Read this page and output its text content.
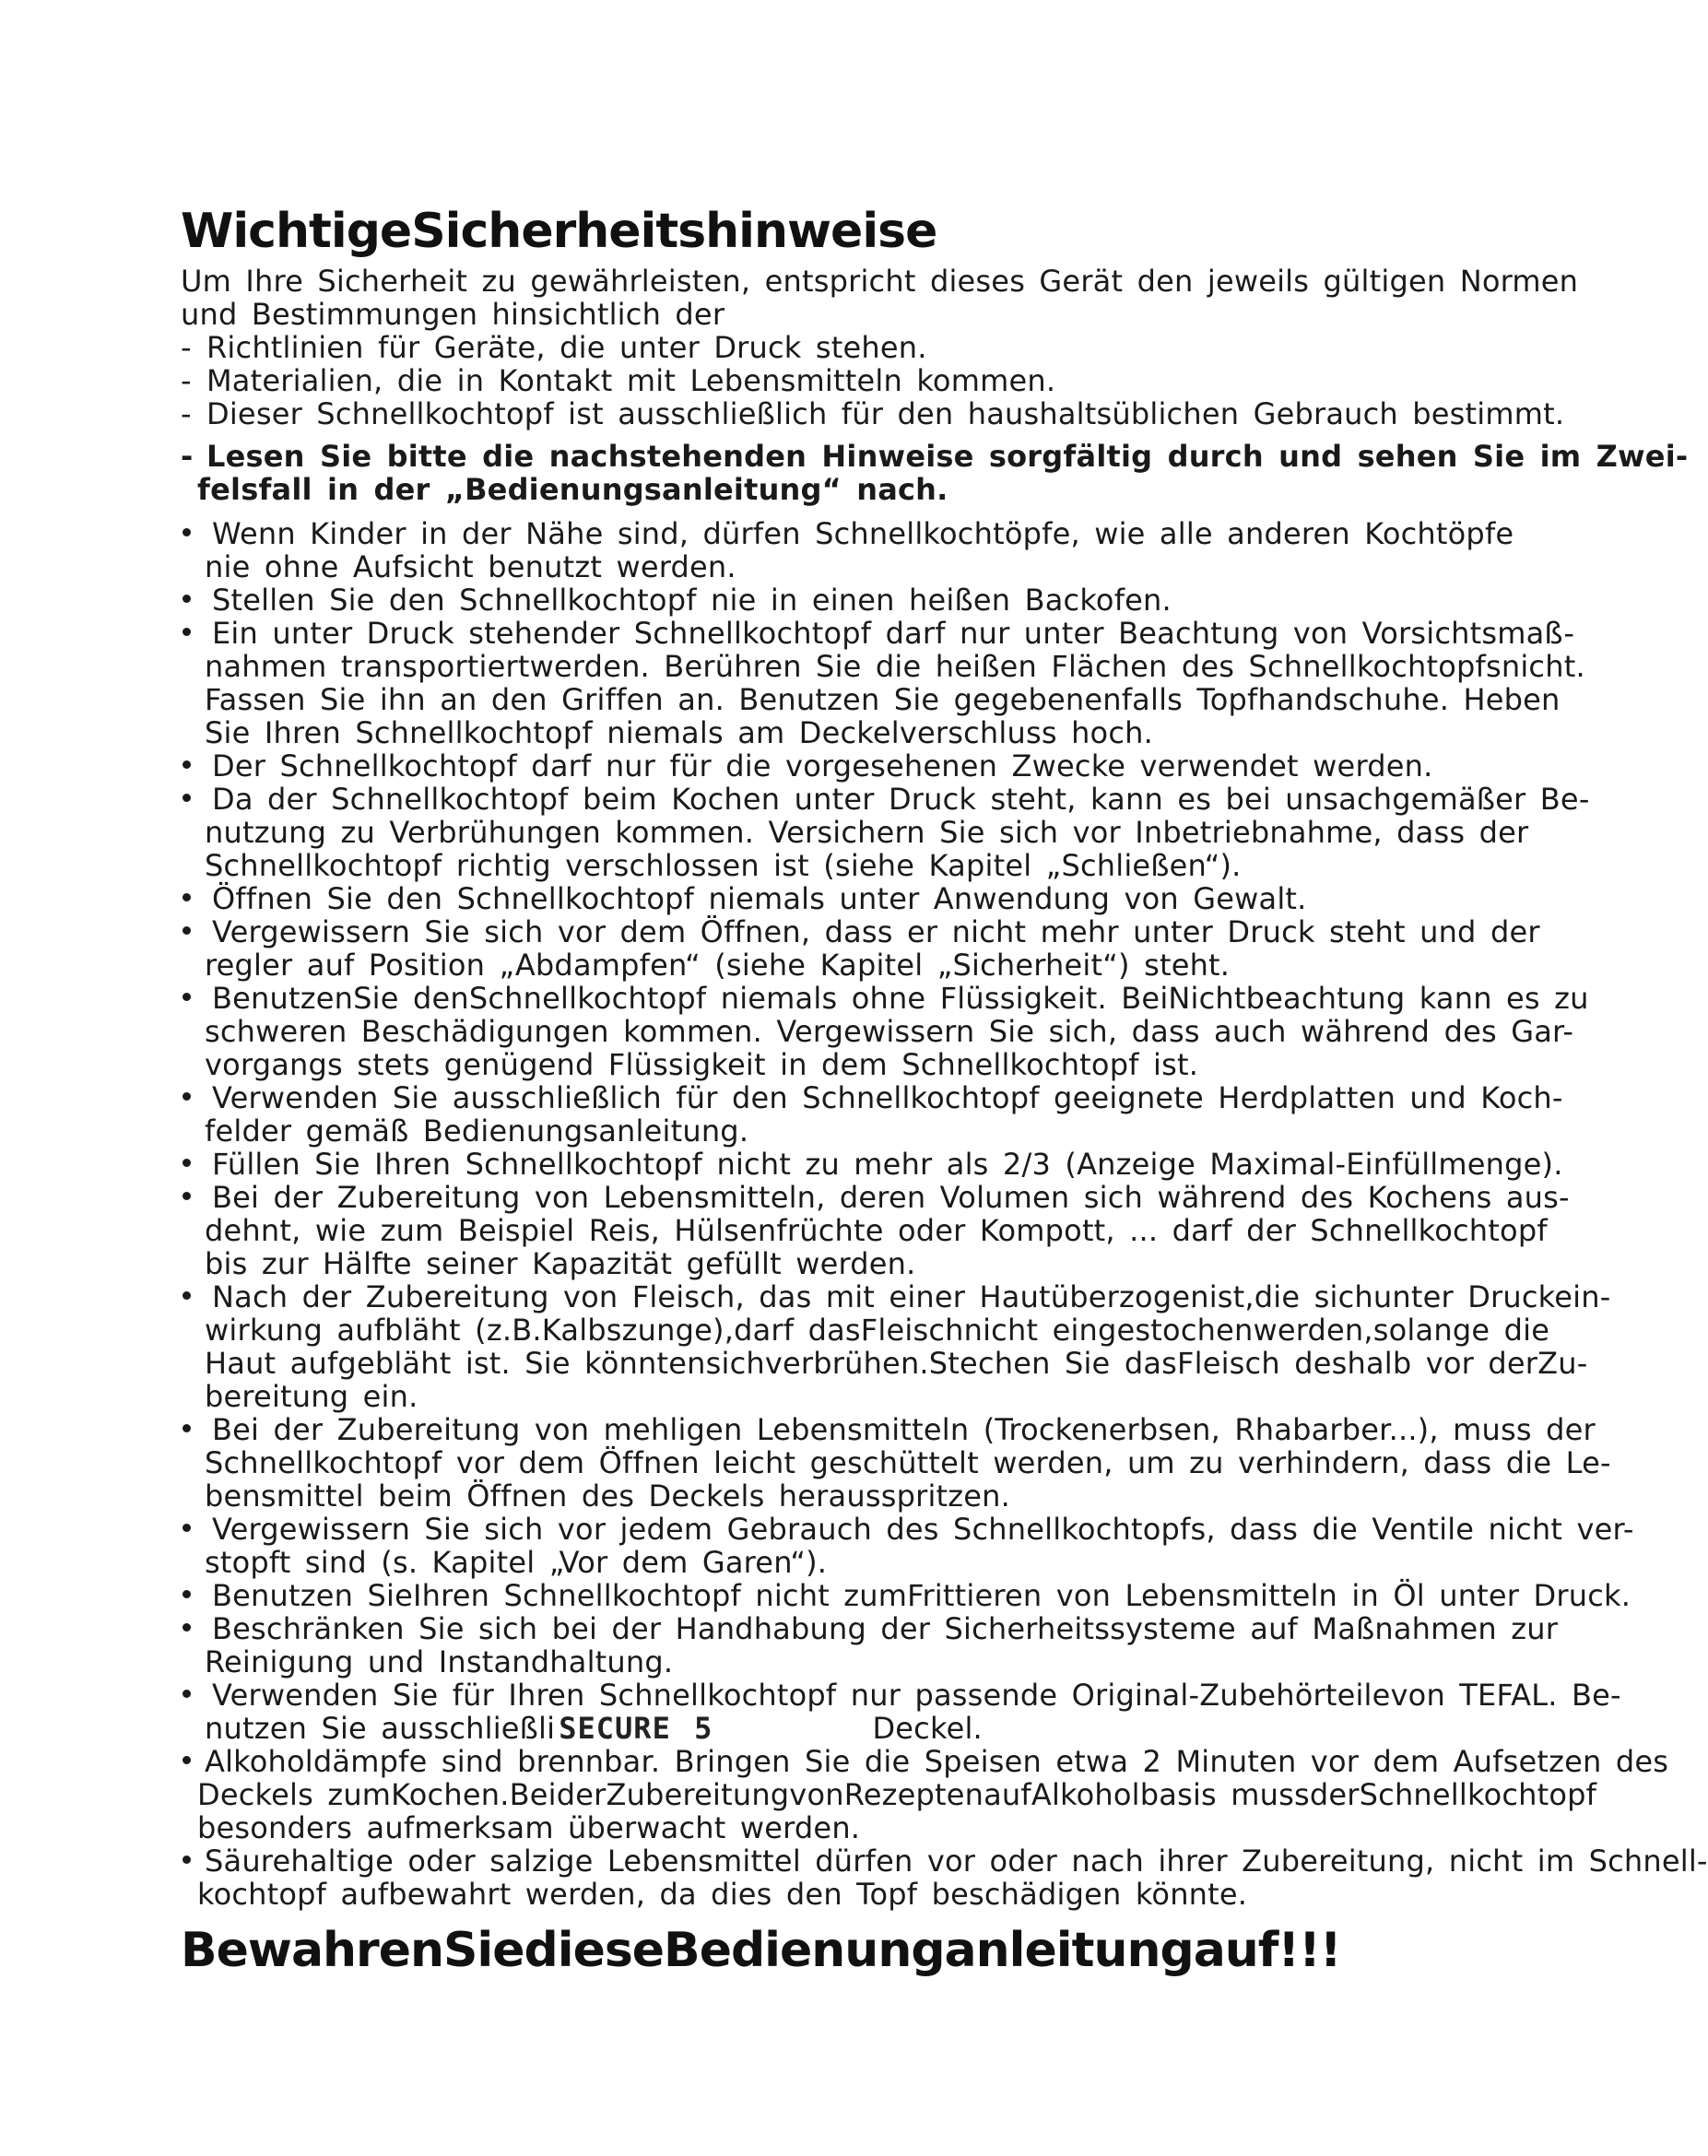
WichtigeSicherheitshinweise
Um Ihre Sicherheit zu gewährleisten, entspricht dieses Gerät den jeweils gültigen Normen
und Bestimmungen hinsichtlich der
- Richtlinien für Geräte, die unter Druck stehen.
- Materialien, die in Kontakt mit Lebensmitteln kommen.
- Dieser Schnellkochtopf ist ausschließlich für den haushaltsüblichen Gebrauch bestimmt.
- Lesen Sie bitte die nachstehenden Hinweise sorgfältig durch und sehen Sie im Zwei-
felsfall in der „Bedienungsanleitung“ nach.
Wenn Kinder in der Nähe sind, dürfen Schnellkochtöpfe, wie alle anderen Kochtöpfe
nie ohne Aufsicht benutzt werden.
Stellen Sie den Schnellkochtopf nie in einen heißen Backofen.
Ein unter Druck stehender Schnellkochtopf darf nur unter Beachtung von Vorsichtsmaß-
nahmen transportiertwerden. Berühren Sie die heißen Flächen des Schnellkochtopfsnicht.
Fassen Sie ihn an den Griffen an. Benutzen Sie gegebenenfalls Topfhandschuhe. Heben
Sie Ihren Schnellkochtopf niemals am Deckelverschluss hoch.
Der Schnellkochtopf darf nur für die vorgesehenen Zwecke verwendet werden.
Da der Schnellkochtopf beim Kochen unter Druck steht, kann es bei unsachgemäßer Be-
nutzung zu Verbrühungen kommen. Versichern Sie sich vor Inbetriebnahme, dass der
Schnellkochtopf richtig verschlossen ist (siehe Kapitel „Schließen“).
Öffnen Sie den Schnellkochtopf niemals unter Anwendung von Gewalt.
Vergewissern Sie sich vor dem Öffnen, dass er nicht mehr unter Druck steht und der
regler auf Position „Abdampfen“ (siehe Kapitel „Sicherheit“) steht.
BenutzenSie denSchnellkochtopf niemals ohne Flüssigkeit. BeiNichtbeachtung kann es zu
schweren Beschädigungen kommen. Vergewissern Sie sich, dass auch während des Gar-
vorgangs stets genügend Flüssigkeit in dem Schnellkochtopf ist.
Verwenden Sie ausschließlich für den Schnellkochtopf geeignete Herdplatten und Koch-
felder gemäß Bedienungsanleitung.
Füllen Sie Ihren Schnellkochtopf nicht zu mehr als 2/3 (Anzeige Maximal-Einfüllmenge).
Bei der Zubereitung von Lebensmitteln, deren Volumen sich während des Kochens aus-
dehnt, wie zum Beispiel Reis, Hülsenfrüchte oder Kompott, ... darf der Schnellkochtopf
bis zur Hälfte seiner Kapazität gefüllt werden.
Nach der Zubereitung von Fleisch, das mit einer Hautüberzogenist,die sichunter Druckein-
wirkung aufbläht (z.B.Kalbszunge),darf dasFleischnicht eingestochenwerden,solange die
Haut aufgebläht ist. Sie könntensichverbrühen.Stechen Sie dasFleisch deshalb vor derZu-
bereitung ein.
Bei der Zubereitung von mehligen Lebensmitteln (Trockenerbsen, Rhabarber...), muss der
Schnellkochtopf vor dem Öffnen leicht geschüttelt werden, um zu verhindern, dass die Le-
bensmittel beim Öffnen des Deckels herausspritzen.
Vergewissern Sie sich vor jedem Gebrauch des Schnellkochtopfs, dass die Ventile nicht ver-
stopft sind (s. Kapitel „Vor dem Garen“).
Benutzen SieIhren Schnellkochtopf nicht zumFrittieren von Lebensmitteln in Öl unter Druck.
Beschränken Sie sich bei der Handhabung der Sicherheitssysteme auf Maßnahmen zur
Reinigung und Instandhaltung.
Verwenden Sie für Ihren Schnellkochtopf nur passende Original-Zubehörteilevon TEFAL. Be-
nutzen Sie ausschließli SECURE 5	Deckel.
Alkoholdämpfe sind brennbar. Bringen Sie die Speisen etwa 2 Minuten vor dem Aufsetzen des
Deckels zumKochen.BeiderZubereitungvonRezeptenaufAlkoholbasis mussderSchnellkochtopf
besonders aufmerksam überwacht werden.
Säurehaltige oder salzige Lebensmittel dürfen vor oder nach ihrer Zubereitung, nicht im Schnell-
kochtopf aufbewahrt werden, da dies den Topf beschädigen könnte.
BewahrenSiedieseBedienunganleitungauf!!!
